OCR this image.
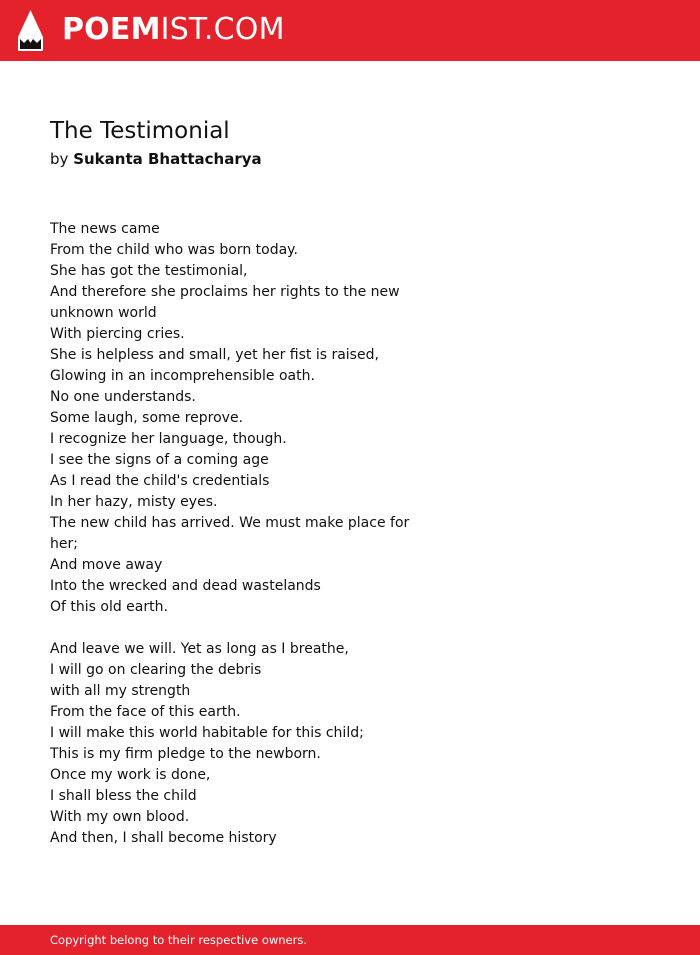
POEMIST.COM
The Testimonial
by Sukanta Bhattacharya
The news came
From the child who was born today.
She has got the testimonial,
And therefore she proclaims her rights to the new
unknown world
With piercing cries.
She is helpless and small, yet her fist is raised,
Glowing in an incomprehensible oath.
No one understands.
Some laugh, some reprove.
I recognize her language, though.
I see the signs of a coming age
As I read the child's credentials
In her hazy, misty eyes.
The new child has arrived. We must make place for
her;
And move away
Into the wrecked and dead wastelands
Of this old earth.
And leave we will. Yet as long as I breathe,
I will go on clearing the debris
with all my strength
From the face of this earth.
I will make this world habitable for this child;
This is my firm pledge to the newborn.
Once my work is done,
I shall bless the child
With my own blood.
And then, I shall become history
Copyright belong to their respective owners.
